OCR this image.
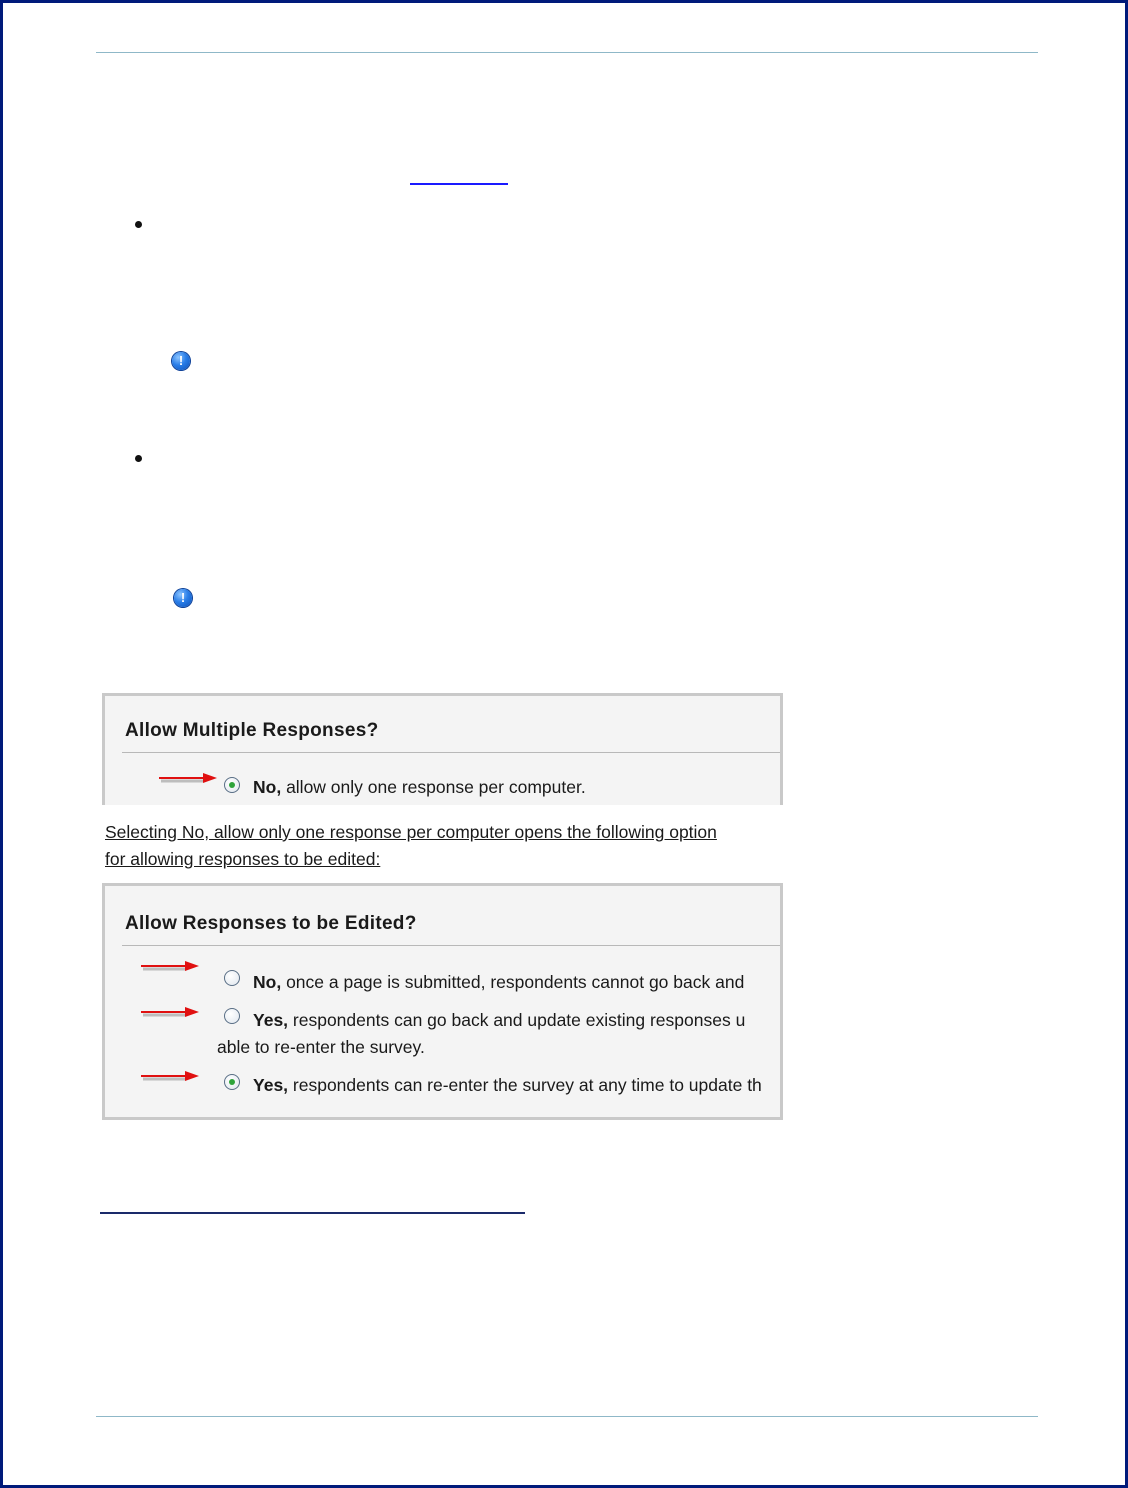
!
!
Allow Multiple Responses?
No, allow only one response per computer.
Selecting No, allow only one response per computer opens the following option
for allowing responses to be edited:
Allow Responses to be Edited?
No, once a page is submitted, respondents cannot go back and
Yes, respondents can go back and update existing responses u
able to re-enter the survey.
Yes, respondents can re-enter the survey at any time to update th
